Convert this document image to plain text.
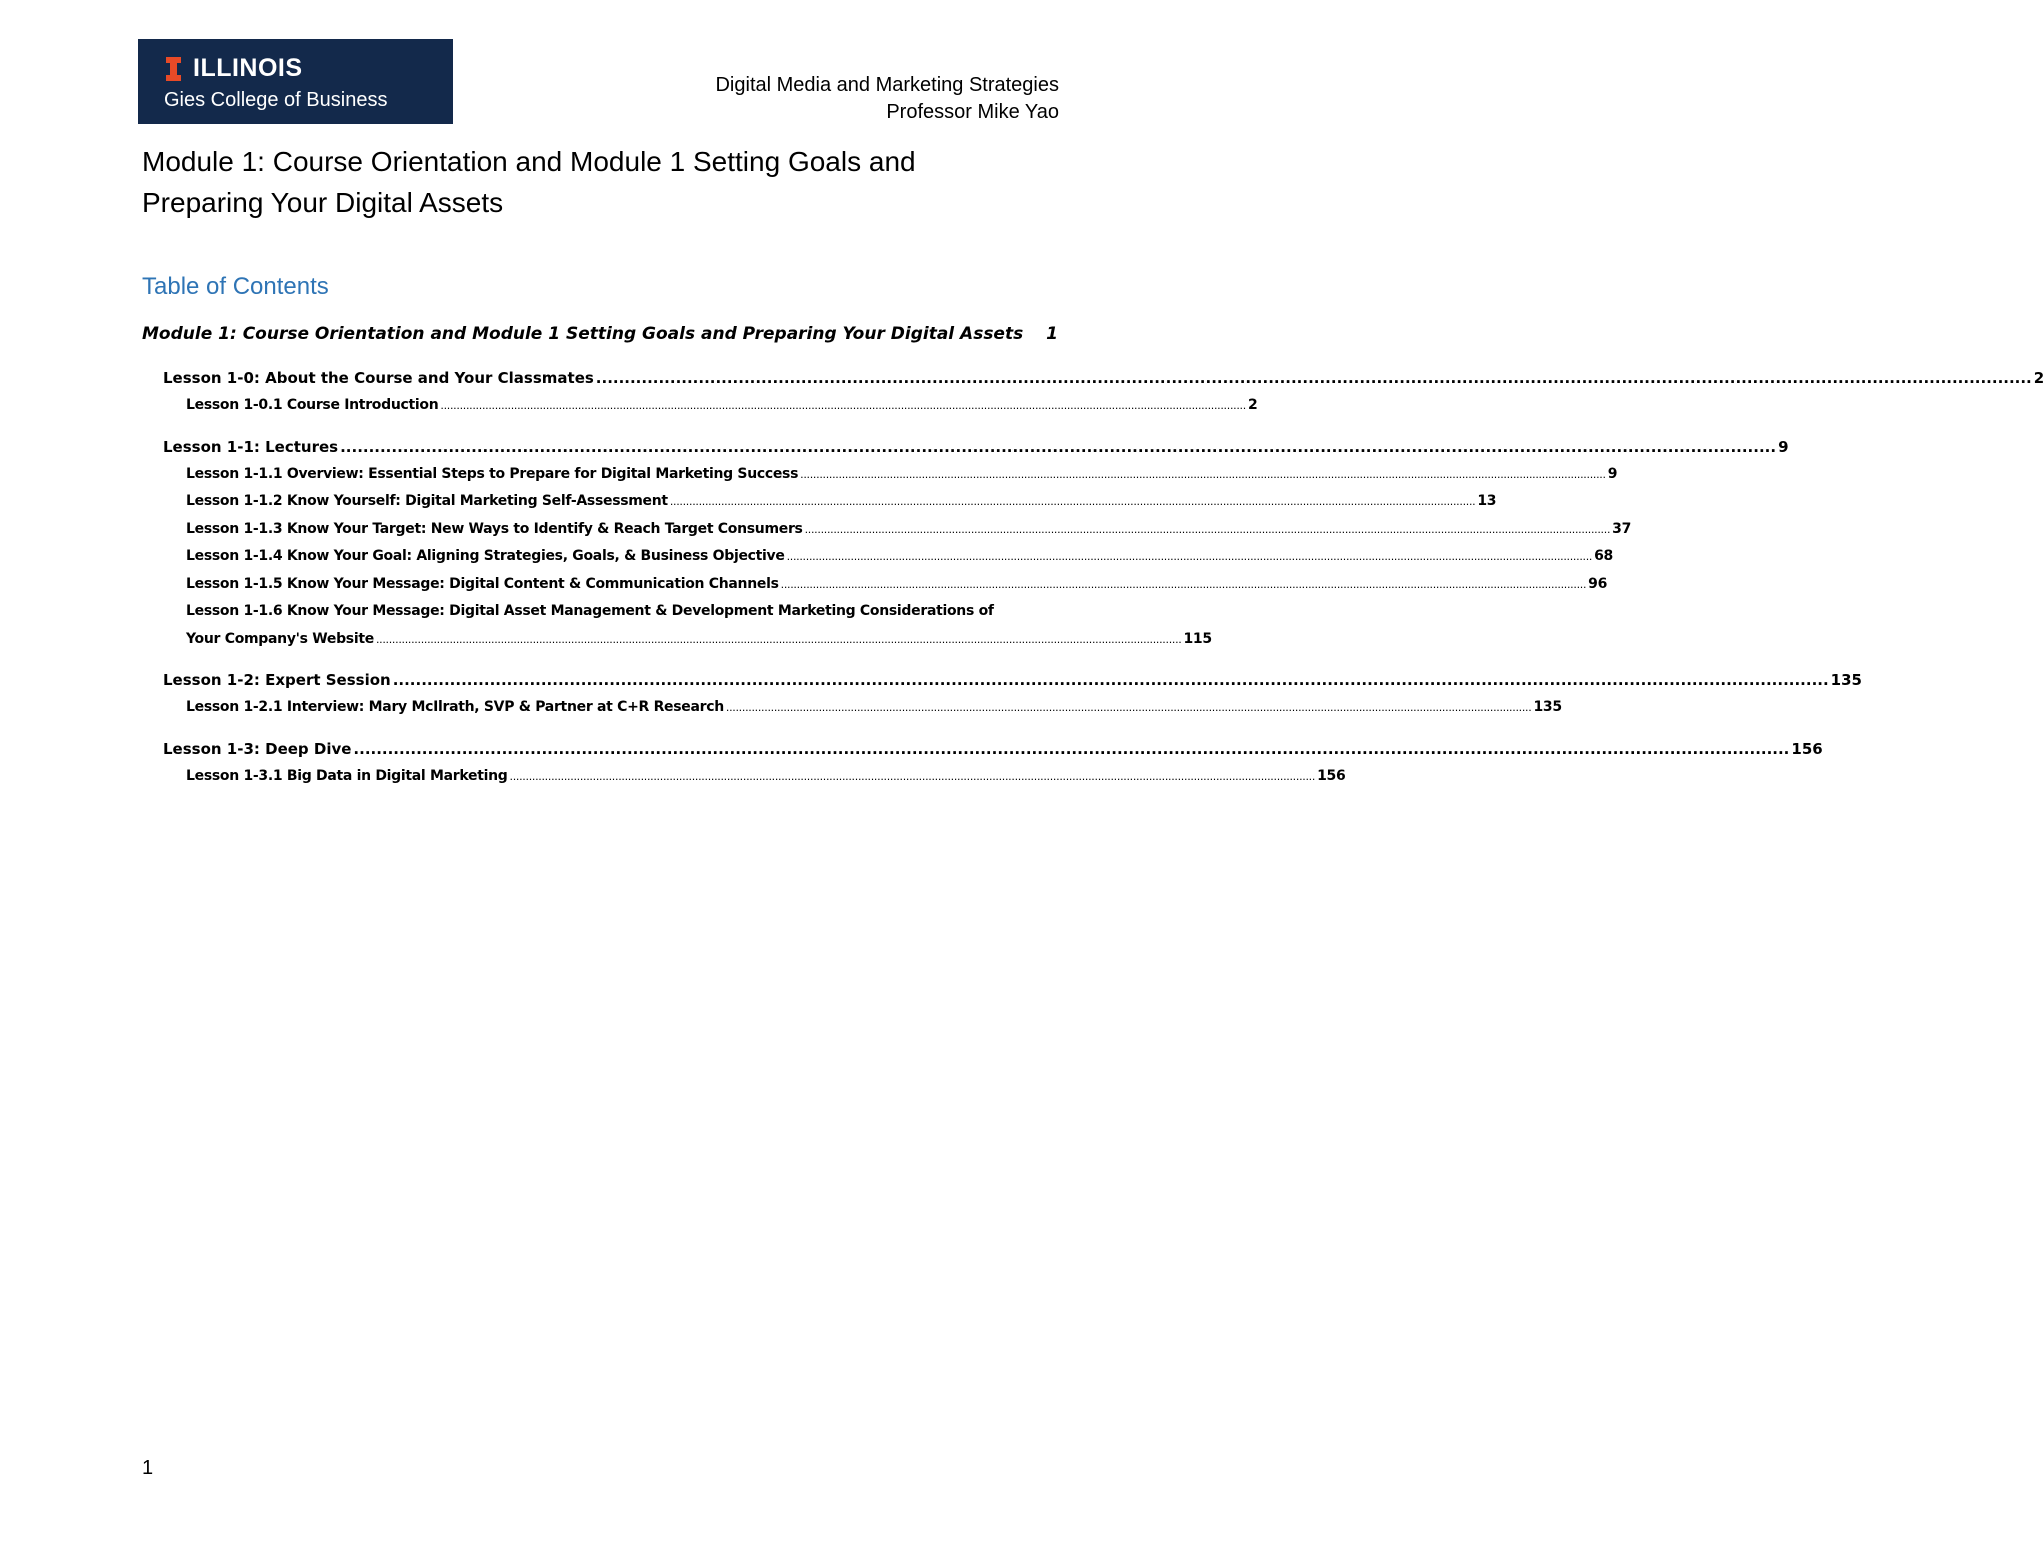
ILLINOIS
Gies College of Business
Digital Media and Marketing Strategies
Professor Mike Yao
Module 1: Course Orientation and Module 1 Setting Goals and Preparing Your Digital Assets
Table of Contents
Module 1: Course Orientation and Module 1 Setting Goals and Preparing Your Digital Assets 1
Lesson 1-0: About the Course and Your Classmates .....	2
Lesson 1-0.1 Course Introduction .....	2
Lesson 1-1: Lectures .....	9
Lesson 1-1.1 Overview: Essential Steps to Prepare for Digital Marketing Success .....	9
Lesson 1-1.2 Know Yourself: Digital Marketing Self-Assessment .....	13
Lesson 1-1.3 Know Your Target: New Ways to Identify & Reach Target Consumers .....	37
Lesson 1-1.4 Know Your Goal: Aligning Strategies, Goals, & Business Objective .....	68
Lesson 1-1.5 Know Your Message: Digital Content & Communication Channels .....	96
Lesson 1-1.6 Know Your Message: Digital Asset Management & Development Marketing Considerations of
Your Company's Website .....	115
Lesson 1-2: Expert Session .....	135
Lesson 1-2.1 Interview: Mary McIlrath, SVP & Partner at C+R Research .....	135
Lesson 1-3: Deep Dive .....	156
Lesson 1-3.1 Big Data in Digital Marketing .....	156
1
